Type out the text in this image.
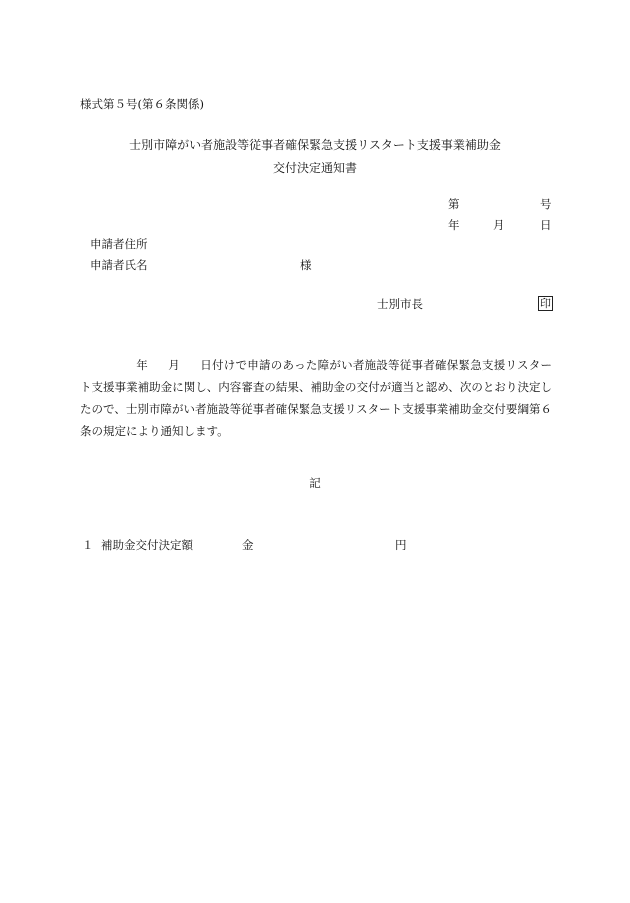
様式第５号(第６条関係)
士別市障がい者施設等従事者確保緊急支援リスタート支援事業補助金
交付決定通知書
第	号
年	月	日
申請者住所
申請者氏名	様
士別市長	印
年 月 日付けで申請のあった障がい者施設等従事者確保緊急支援リスタート支援事業補助金に関し、内容審査の結果、補助金の交付が適当と認め、次のとおり決定したので、士別市障がい者施設等従事者確保緊急支援リスタート支援事業補助金交付要綱第６条の規定により通知します。
記
１ 補助金交付決定額	金	円
